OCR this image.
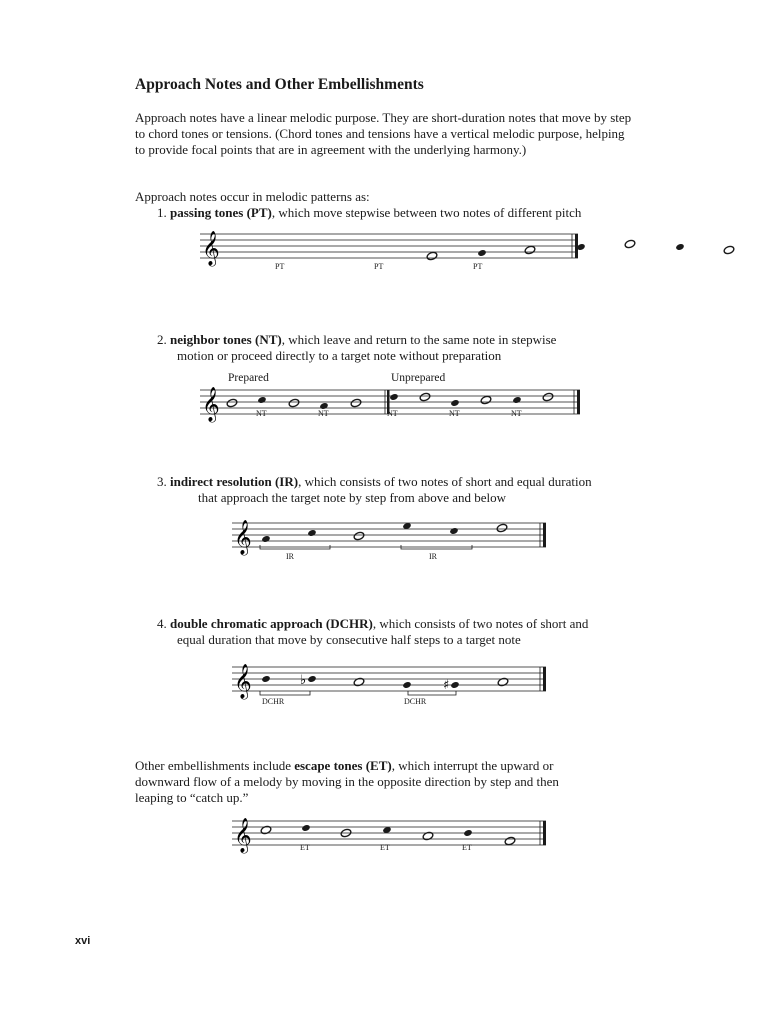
Approach Notes and Other Embellishments
Approach notes have a linear melodic purpose. They are short-duration notes that move by step to chord tones or tensions. (Chord tones and tensions have a vertical melodic purpose, helping to provide focal points that are in agreement with the underlying harmony.)
Approach notes occur in melodic patterns as:
1. passing tones (PT), which move stepwise between two notes of different pitch
𝄞
PT	PT	PT
2. neighbor tones (NT), which leave and return to the same note in stepwise
motion or proceed directly to a target note without preparation
𝄞
Prepared	Unprepared
NT	NT	NT	NT	NT
3. indirect resolution (IR), which consists of two notes of short and equal duration
that approach the target note by step from above and below
𝄞
IR	IR
4. double chromatic approach (DCHR), which consists of two notes of short and
equal duration that move by consecutive half steps to a target note
𝄞	♭	♯
DCHR	DCHR
Other embellishments include escape tones (ET), which interrupt the upward or
downward flow of a melody by moving in the opposite direction by step and then
leaping to “catch up.”
𝄞	ET	ET	ET
xvi
